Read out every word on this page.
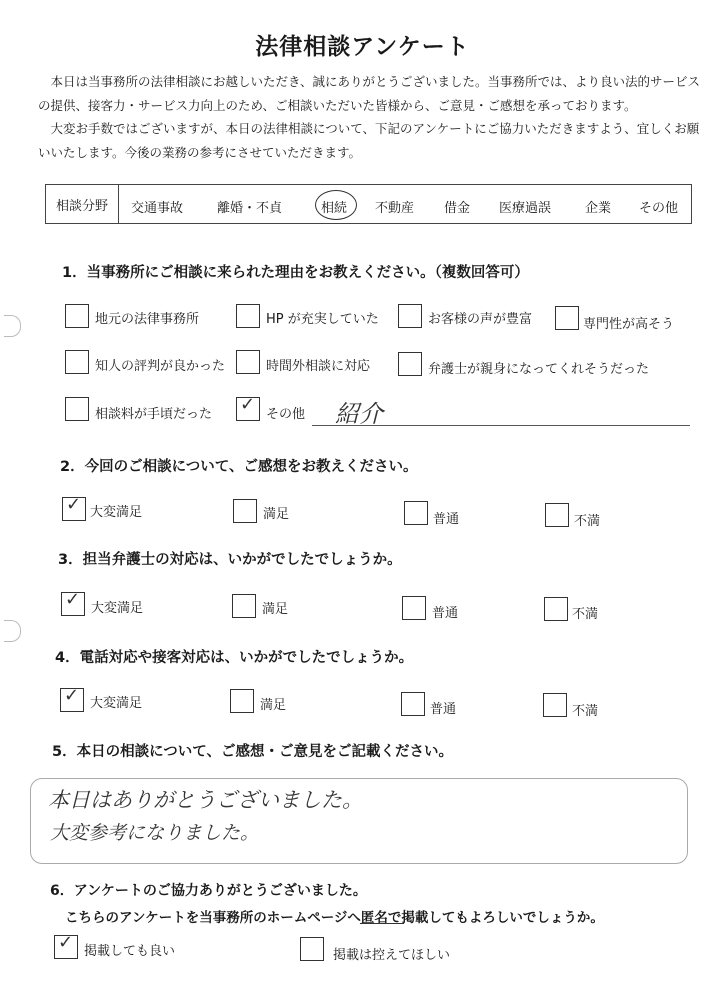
法律相談アンケート

本日は当事務所の法律相談にお越しいただき、誠にありがとうございました。当事務所では、より良い法的サービスの提供、接客力・サービス力向上のため、ご相談いただいた皆様から、ご意見・ご感想を承っております。

大変お手数ではございますが、本日の法律相談について、下記のアンケートにご協力いただきますよう、宜しくお願いいたします。今後の業務の参考にさせていただきます。

相談分野	交通事故	離婚・不貞	相続 不動産 借金 医療過誤	企業 その他
1．当事務所にご相談に来られた理由をお教えください。（複数回答可）
地元の法律事務所	HP が充実していた	お客様の声が豊富	専門性が高そう
知人の評判が良かった	時間外相談に対応	弁護士が親身になってくれそうだった
相談料が手頃だった ✓ その他 紹介
2．今回のご相談について、ご感想をお教えください。
✓ 大変満足	満足	普通	不満
3．担当弁護士の対応は、いかがでしたでしょうか。
✓ 大変満足	満足	普通	不満
4．電話対応や接客対応は、いかがでしたでしょうか。
✓ 大変満足	満足	普通	不満
5．本日の相談について、ご感想・ご意見をご記載ください。
本日はありがとうございました。
大変参考になりました。
6．アンケートのご協力ありがとうございました。
こちらのアンケートを当事務所のホームページへ匿名で掲載してもよろしいでしょうか。
✓ 掲載しても良い	掲載は控えてほしい
